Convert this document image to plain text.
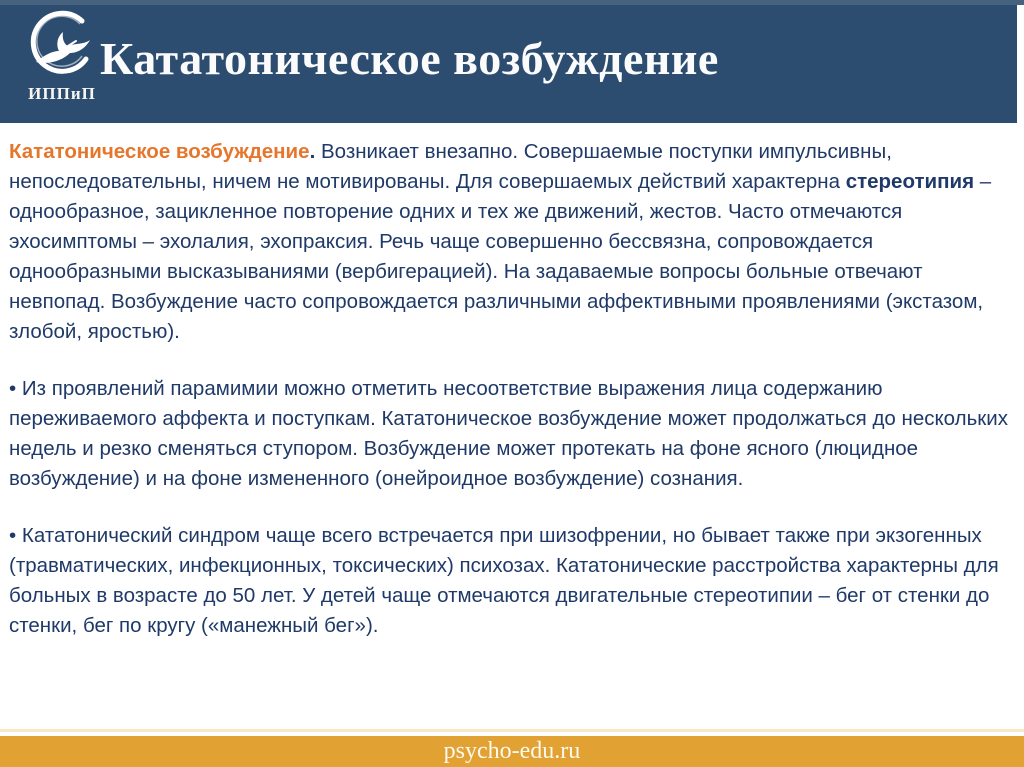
ИППиП
Кататоническое возбуждение

Кататоническое возбуждение. Возникает внезапно. Совершаемые поступки импульсивны, непоследовательны, ничем не мотивированы. Для совершаемых действий характерна стереотипия – однообразное, зацикленное повторение одних и тех же движений, жестов. Часто отмечаются эхосимптомы – эхолалия, эхопраксия. Речь чаще совершенно бессвязна, сопровождается однообразными высказываниями (вербигерацией). На задаваемые вопросы больные отвечают невпопад. Возбуждение часто сопровождается различными аффективными проявлениями (экстазом, злобой, яростью).

• Из проявлений парамимии можно отметить несоответствие выражения лица содержанию переживаемого аффекта и поступкам. Кататоническое возбуждение может продолжаться до нескольких недель и резко сменяться ступором. Возбуждение может протекать на фоне ясного (люцидное возбуждение) и на фоне измененного (онейроидное возбуждение) сознания.

• Кататонический синдром чаще всего встречается при шизофрении, но бывает также при экзогенных (травматических, инфекционных, токсических) психозах. Кататонические расстройства характерны для больных в возрасте до 50 лет. У детей чаще отмечаются двигательные стереотипии – бег от стенки до стенки, бег по кругу («манежный бег»).

psycho-edu.ru
